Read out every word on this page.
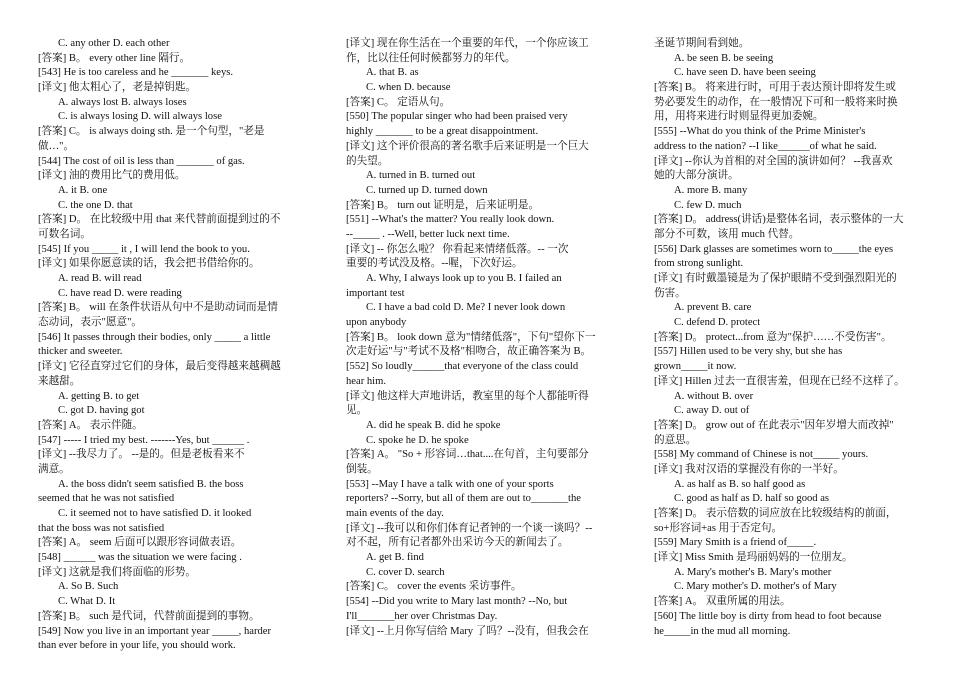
C. any other D. each other
[答案] B。 every other line 隔行。
[543] He is too careless and he _______ keys.
[译文] 他太粗心了，老是掉钥匙。
A. always lost B. always loses
C. is always losing D. will always lose
[答案] C。 is always doing sth. 是一个句型，"老是
做…"。
[544] The cost of oil is less than _______ of gas.
[译文] 油的费用比气的费用低。
A. it B. one
C. the one D. that
[答案] D。 在比较级中用 that 来代替前面提到过的不
可数名词。
[545] If you _____ it , I will lend the book to you.
[译文] 如果你愿意读的话，我会把书借给你的。
A. read B. will read
C. have read D. were reading
[答案] B。 will 在条件状语从句中不是助动词而是情
态动词，表示"愿意"。
[546] It passes through their bodies, only _____ a little
thicker and sweeter.
[译文] 它径直穿过它们的身体，最后变得越来越稠越
来越甜。
A. getting B. to get
C. got D. having got
[答案] A。 表示伴随。
[547] ----- I tried my best. -------Yes, but ______ .
[译文] --我尽力了。 --是的。但是老板看来不
满意。
A. the boss didn't seem satisfied B. the boss
seemed that he was not satisfied
C. it seemed not to have satisfied D. it looked
that the boss was not satisfied
[答案] A。 seem 后面可以跟形容词做表语。
[548] ______ was the situation we were facing .
[译文] 这就是我们将面临的形势。
A. So B. Such
C. What D. It
[答案] B。 such 是代词，代替前面提到的事物。
[549] Now you live in an important year _____, harder
than ever before in your life, you should work.
[译文] 现在你生活在一个重要的年代，一个你应该工
作，比以往任何时候都努力的年代。
A. that B. as
C. when D. because
[答案] C。 定语从句。
[550] The popular singer who had been praised very
highly _______ to be a great disappointment.
[译文] 这个评价很高的著名歌手后来证明是一个巨大
的失望。
A. turned in B. turned out
C. turned up D. turned down
[答案] B。 turn out 证明是，后来证明是。
[551] --What's the matter? You really look down.
--_____ . --Well, better luck next time.
[译文] -- 你怎么啦？ 你看起来情绪低落。-- 一次
重要的考试没及格。--喔，下次好运。
A. Why, I always look up to you B. I failed an
important test
C. I have a bad cold D. Me? I never look down
upon anybody
[答案] B。 look down 意为"情绪低落"，下句"望你下一
次走好运"与"考试不及格"相吻合，故正确答案为 B。
[552] So loudly______that everyone of the class could
hear him.
[译文] 他这样大声地讲话，教室里的每个人都能听得
见。
A. did he speak B. did he spoke
C. spoke he D. he spoke
[答案] A。 "So + 形容词…that....在句首，主句要部分
倒装。
[553] --May I have a talk with one of your sports
reporters? --Sorry, but all of them are out to_______the
main events of the day.
[译文] --我可以和你们体育记者钟的一个谈一谈吗？--
对不起，所有记者都外出采访今天的新闻去了。
A. get B. find
C. cover D. search
[答案] C。 cover the events 采访事件。
[554] --Did you write to Mary last month? --No, but
I'll_______her over Christmas Day.
[译文] --上月你写信给 Mary 了吗？--没有，但我会在
圣诞节期间看到她。
A. be seen B. be seeing
C. have seen D. have been seeing
[答案] B。 将来进行时，可用于表达预计即将发生或
势必要发生的动作，在一般情况下可和一般将来时换
用，用将来进行时则显得更加委婉。
[555] --What do you think of the Prime Minister's
address to the nation? --I like______of what he said.
[译文] --你认为首相的对全国的演讲如何？ --我喜欢
她的大部分演讲。
A. more B. many
C. few D. much
[答案] D。 address(讲话)是整体名词，表示整体的一大
部分不可数，该用 much 代替。
[556] Dark glasses are sometimes worn to_____the eyes
from strong sunlight.
[译文] 有时戴墨镜是为了保护眼睛不受到强烈阳光的
伤害。
A. prevent B. care
C. defend D. protect
[答案] D。 protect...from 意为"保护……不受伤害"。
[557] Hillen used to be very shy, but she has
grown_____it now.
[译文] Hillen 过去一直很害羞，但现在已经不这样了。
A. without B. over
C. away D. out of
[答案] D。 grow out of 在此表示"因年岁增大而改掉"
的意思。
[558] My command of Chinese is not_____ yours.
[译文] 我对汉语的掌握没有你的一半好。
A. as half as B. so half good as
C. good as half as D. half so good as
[答案] D。 表示倍数的词应放在比较级结构的前面，
so+形容词+as 用于否定句。
[559] Mary Smith is a friend of_____.
[译文] Miss Smith 是玛丽妈妈的一位朋友。
A. Mary's mother's B. Mary's mother
C. Mary mother's D. mother's of Mary
[答案] A。 双重所属的用法。
[560] The little boy is dirty from head to foot because
he_____in the mud all morning.
